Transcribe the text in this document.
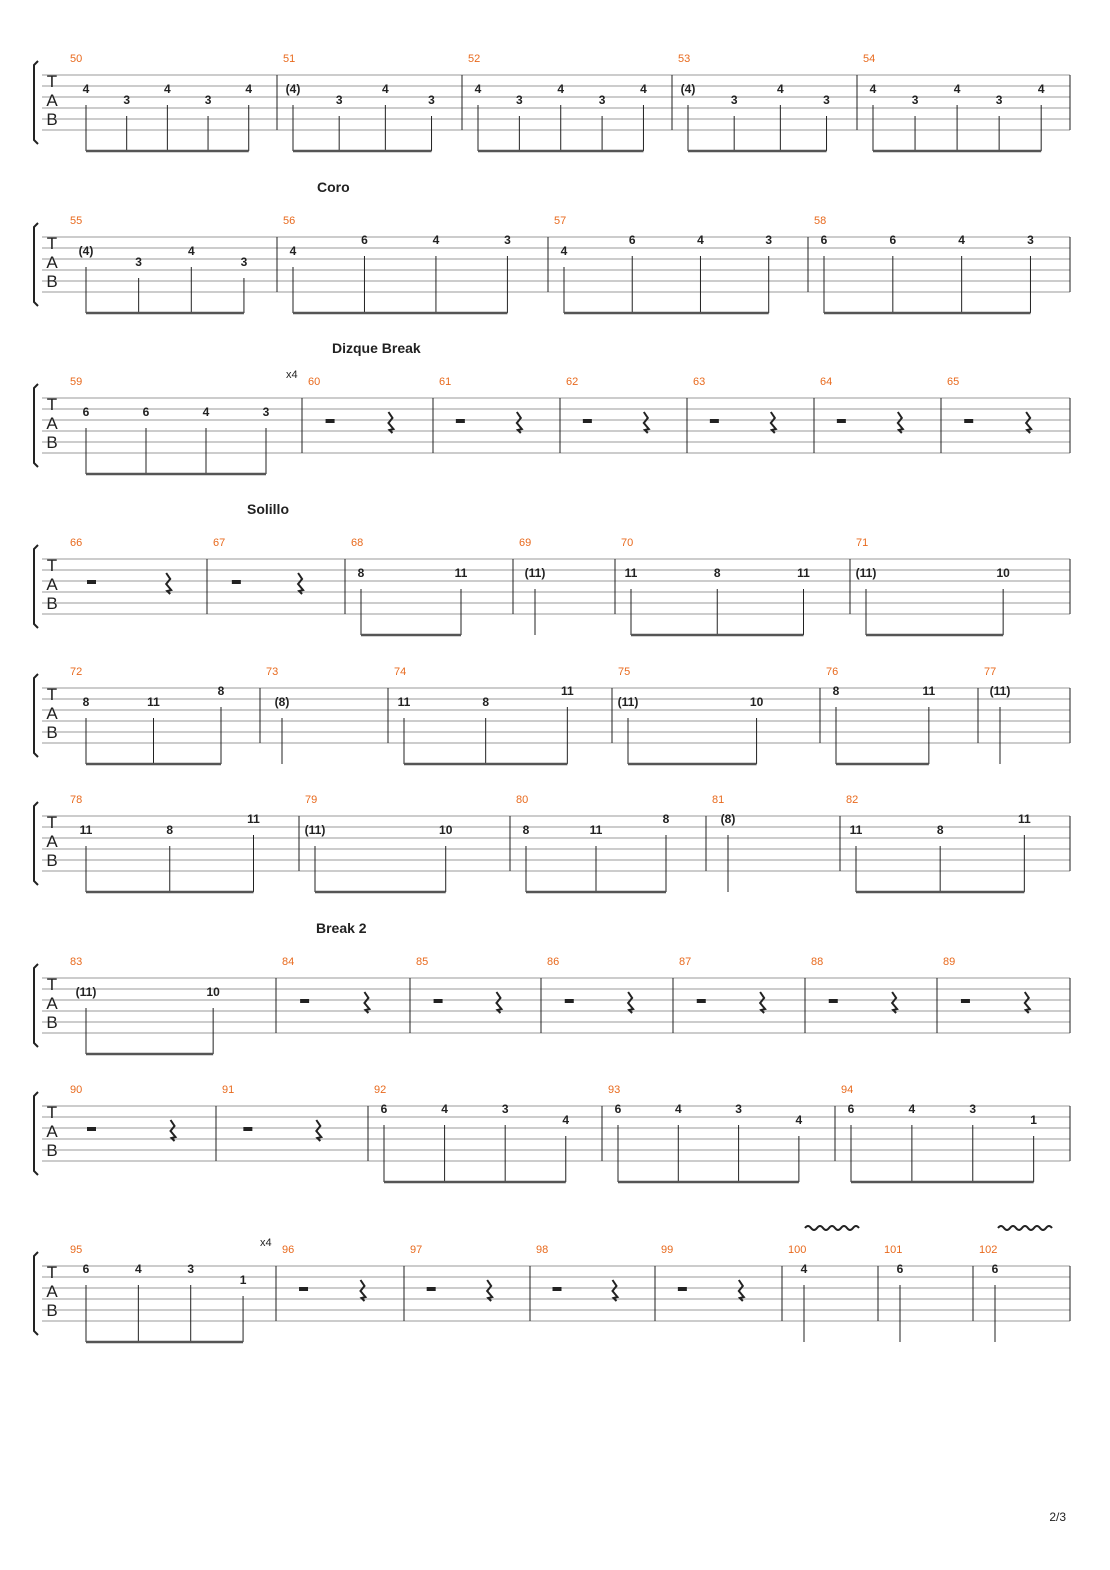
T
A
B
50
4
3
4
3
4
51
(4)
3
4
3
52
4
3
4
3
4
53
(4)
3
4
3
54
4
3
4
3
4
T
A
B
Coro
55
(4)
3
4
3
56
4
6	4	3
57
4
6	4	3
58
6	6	4	3
T
A
B
Dizque Break
x4
59
6	6	4	3
60	61	62	63	64	65
T
A
B
Solillo
66	67	68
8	11
69
(11)
70
11	8	11
71
(11)	10
T
A
B
72
8	11
8
73
(8)
74
11	8
11
75
(11)	10
76
8	11
77
(11)
T
A
B
78
11	8
11
79
(11)	10
80
8	11
8
81
(8)
82
11	8
11
T
A
B
Break 2
83
(11)	10
84	85	86	87	88	89
T
A
B
90	91	92
6	4	3
4
93
6	4	3
4
94
6	4	3
1
T
A
B
x4
95
6	4	3
1
96	97	98	99	100
4
101
6
102
6
2/3
